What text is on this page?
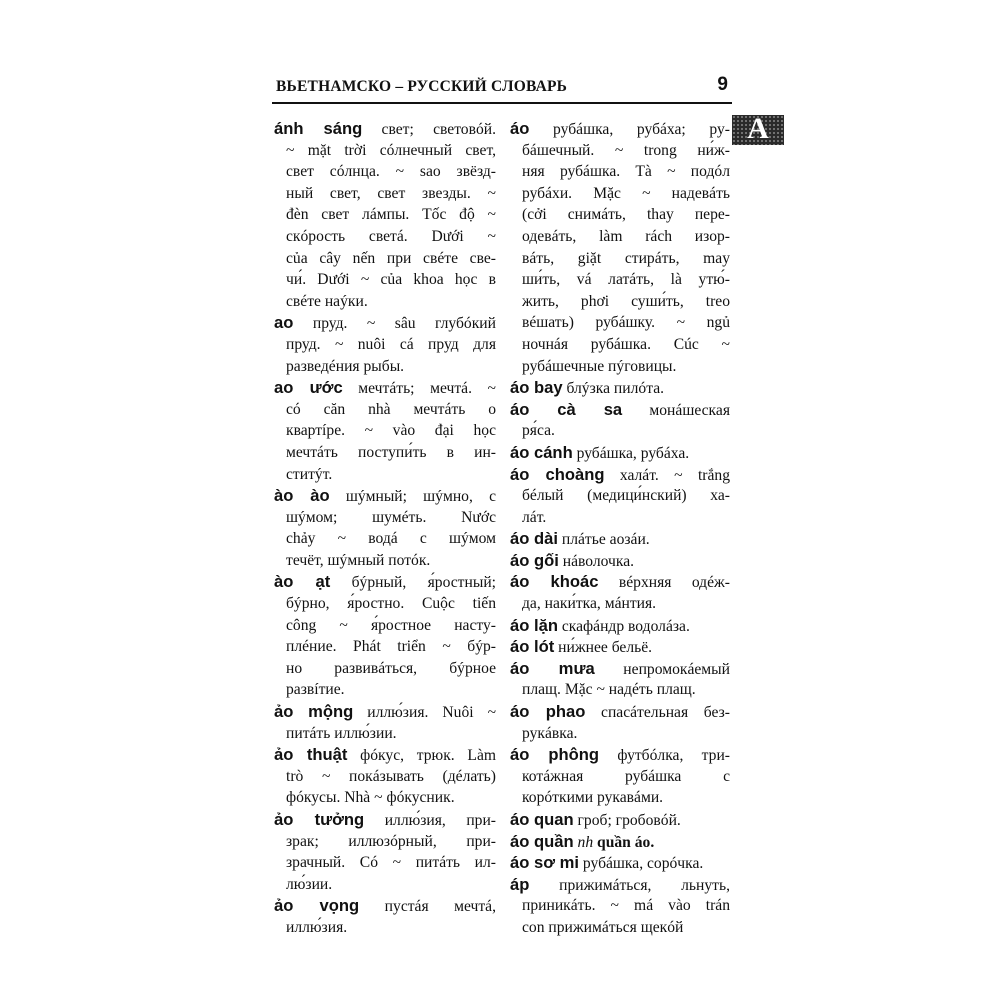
ВЬЕТНАМСКО – РУССКИЙ СЛОВАРЬ	9
A
ánh sáng свет; световóй.
~ mặt trời сóлнечный свет,
свет сóлнца. ~ sao звёзд-
ный свет, свет звезды. ~
đèn свет лáмпы. Tốc độ ~
скóрость светá. Dưới ~
của cây nến при свéте све-
чи́. Dưới ~ của khoa học в
свéте наýки.
ao пруд. ~ sâu глубóкий
пруд. ~ nuôi cá пруд для
разведéния рыбы.
ao ước мечтáть; мечтá. ~
có căn nhà мечтáть о
квартíре. ~ vào đại học
мечтáть поступи́ть в ин-
ститýт.
ào ào шýмный; шýмно, с
шýмом; шумéть. Nước
chảy ~ водá с шýмом
течёт, шýмный потóк.
ào ạt бýрный, я́ростный;
бýрно, я́ростно. Cuộc tiến
công ~ я́ростное насту-
плéние. Phát triển ~ бýр-
но развивáться, бýрное
развíтие.
ảo mộng иллю́зия. Nuôi ~
питáть иллю́зии.
ảo thuật фóкус, трюк. Làm
trò ~ покáзывать (дéлать)
фóкусы. Nhà ~ фóкусник.
ảo tưởng иллю́зия, при-
зрак; иллюзóрный, при-
зрачный. Có ~ питáть ил-
лю́зии.
ảo vọng пустáя мечтá,
иллю́зия.
áo рубáшка, рубáха; ру-
бáшечный. ~ trong ни́ж-
няя рубáшка. Tà ~ подóл
рубáхи. Mặc ~ надевáть
(cởi снимáть, thay пере-
одевáть, làm rách изор-
вáть, giặt стирáть, may
ши́ть, vá латáть, là утю́-
жить, phơi суши́ть, treo
вéшать) рубáшку. ~ ngủ
ночнáя рубáшка. Cúc ~
рубáшечные пýговицы.
áo bay блýзка пилóта.
áo cà sa монáшеская
ря́са.
áo cánh рубáшка, рубáха.
áo choàng халáт. ~ trắng
бéлый (медици́нский) ха-
лáт.
áo dài плáтье аозáи.
áo gối нáволочка.
áo khoác вéрхняя одéж-
да, наки́тка, мáнтия.
áo lặn скафáндр водолáза.
áo lót ни́жнее бельё.
áo mưa непромокáемый
плащ. Mặc ~ надéть плащ.
áo phao спасáтельная без-
рукáвка.
áo phông футбóлка, три-
котáжная рубáшка с
корóткими рукавáми.
áo quan гроб; гробовóй.
áo quần nh quần áo.
áo sơ mi рубáшка, сорóчка.
áp прижимáться, льнуть,
приникáть. ~ má vào trán
con прижимáться щекóй
